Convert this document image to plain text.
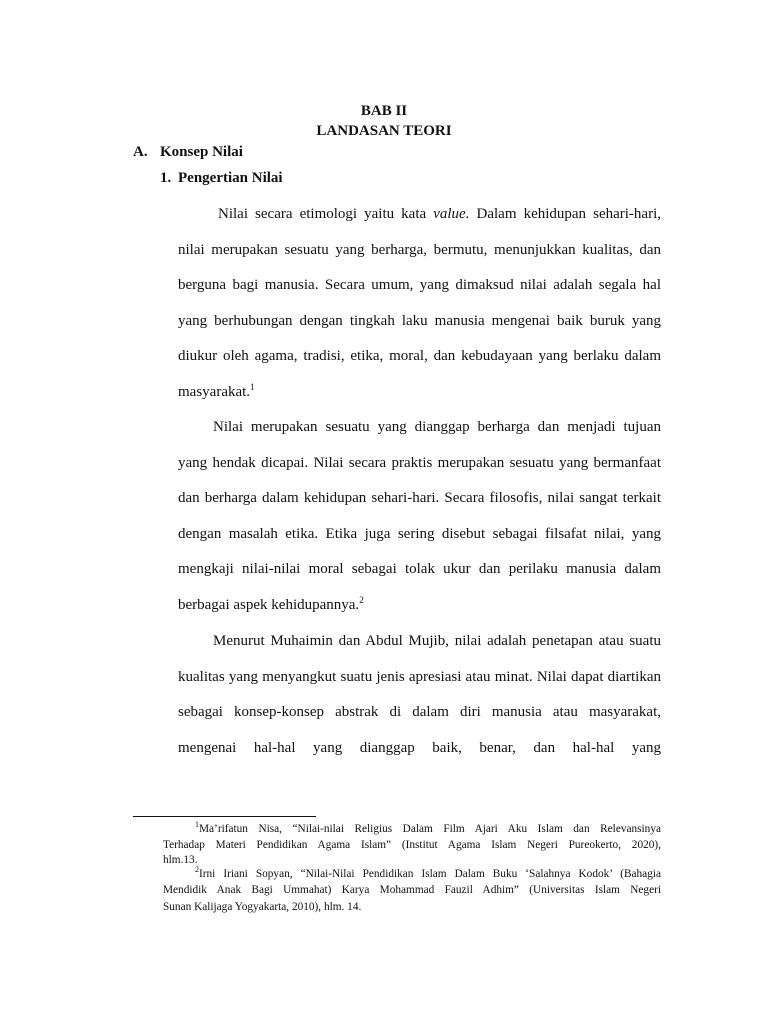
BAB II
LANDASAN TEORI
A. Konsep Nilai
1. Pengertian Nilai
Nilai secara etimologi yaitu kata value. Dalam kehidupan sehari-hari,
nilai merupakan sesuatu yang berharga, bermutu, menunjukkan kualitas, dan
berguna bagi manusia. Secara umum, yang dimaksud nilai adalah segala hal
yang berhubungan dengan tingkah laku manusia mengenai baik buruk yang
diukur oleh agama, tradisi, etika, moral, dan kebudayaan yang berlaku dalam
masyarakat.$^1$
Nilai merupakan sesuatu yang dianggap berharga dan menjadi tujuan
yang hendak dicapai. Nilai secara praktis merupakan sesuatu yang bermanfaat
dan berharga dalam kehidupan sehari-hari. Secara filosofis, nilai sangat terkait
dengan masalah etika. Etika juga sering disebut sebagai filsafat nilai, yang
mengkaji nilai-nilai moral sebagai tolak ukur dan perilaku manusia dalam
berbagai aspek kehidupannya.$^2$
Menurut Muhaimin dan Abdul Mujib, nilai adalah penetapan atau suatu
kualitas yang menyangkut suatu jenis apresiasi atau minat. Nilai dapat diartikan
sebagai konsep-konsep abstrak di dalam diri manusia atau masyarakat,
mengenai hal-hal yang dianggap baik, benar, dan hal-hal yang
$^1$Ma’rifatun Nisa, “Nilai-nilai Religius Dalam Film Ajari Aku Islam dan Relevansinya
Terhadap Materi Pendidikan Agama Islam” (Institut Agama Islam Negeri Pureokerto, 2020),
hlm.13.
$^2$Irni Iriani Sopyan, “Nilai-Nilai Pendidikan Islam Dalam Buku ‘Salahnya Kodok’ (Bahagia
Mendidik Anak Bagi Ummahat) Karya Mohammad Fauzil Adhim” (Universitas Islam Negeri
Sunan Kalijaga Yogyakarta, 2010), hlm. 14.
